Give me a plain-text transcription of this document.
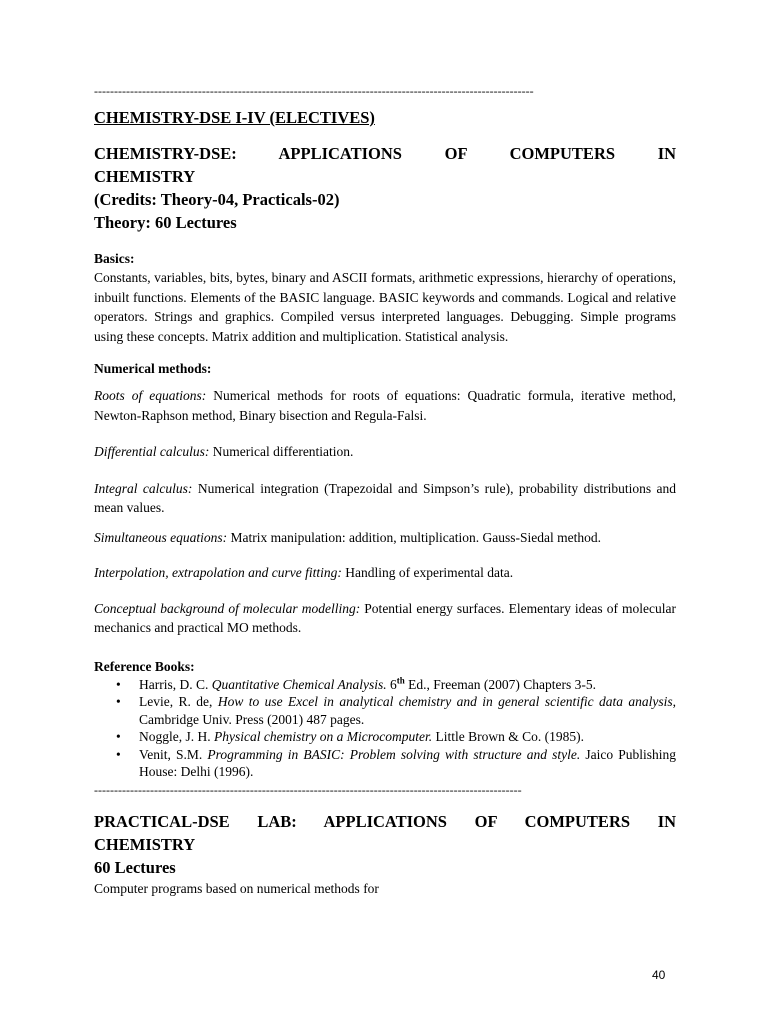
--------------------------------------------------------------------------------------------------------------
CHEMISTRY-DSE I-IV (ELECTIVES)
CHEMISTRY-DSE:	APPLICATIONS	OF	COMPUTERS	IN
CHEMISTRY
(Credits: Theory-04, Practicals-02)
Theory: 60 Lectures
Basics:

Constants, variables, bits, bytes, binary and ASCII formats, arithmetic expressions, hierarchy of operations, inbuilt functions. Elements of the BASIC language. BASIC keywords and commands. Logical and relative operators. Strings and graphics. Compiled versus interpreted languages. Debugging. Simple programs using these concepts. Matrix addition and multiplication. Statistical analysis.

Numerical methods:

Roots of equations: Numerical methods for roots of equations: Quadratic formula, iterative method, Newton-Raphson method, Binary bisection and Regula-Falsi.

Differential calculus: Numerical differentiation.

Integral calculus: Numerical integration (Trapezoidal and Simpson’s rule), probability distributions and mean values.

Simultaneous equations: Matrix manipulation: addition, multiplication. Gauss-Siedal method.

Interpolation, extrapolation and curve fitting: Handling of experimental data.

Conceptual background of molecular modelling: Potential energy surfaces. Elementary ideas of molecular mechanics and practical MO methods.

Reference Books:
• Harris, D. C. Quantitative Chemical Analysis. 6th Ed., Freeman (2007) Chapters 3-5.
• Levie, R. de, How to use Excel in analytical chemistry and in general scientific data analysis, Cambridge Univ. Press (2001) 487 pages.
• Noggle, J. H. Physical chemistry on a Microcomputer. Little Brown & Co. (1985).
• Venit, S.M. Programming in BASIC: Problem solving with structure and style. Jaico Publishing House: Delhi (1996).
-----------------------------------------------------------------------------------------------------------
PRACTICAL-DSE LAB: APPLICATIONS OF COMPUTERS IN
CHEMISTRY
60 Lectures

Computer programs based on numerical methods for

40
